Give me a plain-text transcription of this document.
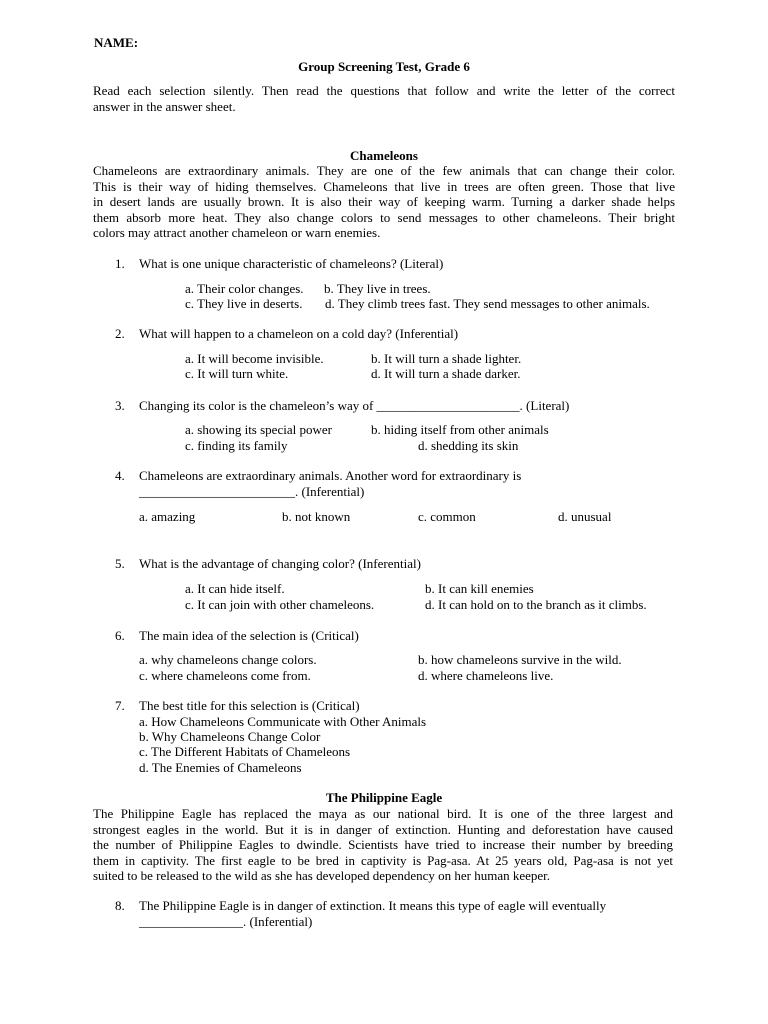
NAME:
Group Screening Test, Grade 6
Read each selection silently. Then read the questions that follow and write the letter of the correct
answer in the answer sheet.
Chameleons
Chameleons are extraordinary animals. They are one of the few animals that can change their color.
This is their way of hiding themselves. Chameleons that live in trees are often green. Those that live
in desert lands are usually brown. It is also their way of keeping warm. Turning a darker shade helps
them absorb more heat. They also change colors to send messages to other chameleons. Their bright
colors may attract another chameleon or warn enemies.
1. What is one unique characteristic of chameleons? (Literal)
a. Their color changes. b. They live in trees.
c. They live in deserts. d. They climb trees fast. They send messages to other animals.
2. What will happen to a chameleon on a cold day? (Inferential)
a. It will become invisible.	b. It will turn a shade lighter.
c. It will turn white.	d. It will turn a shade darker.
3. Changing its color is the chameleon’s way of ______________________. (Literal)
a. showing its special power	b. hiding itself from other animals
c. finding its family	d. shedding its skin
4. Chameleons are extraordinary animals. Another word for extraordinary is
________________________. (Inferential)
a. amazing	b. not known	c. common	d. unusual
5. What is the advantage of changing color? (Inferential)
a. It can hide itself.	b. It can kill enemies
c. It can join with other chameleons.	d. It can hold on to the branch as it climbs.
6. The main idea of the selection is (Critical)
a. why chameleons change colors.	b. how chameleons survive in the wild.
c. where chameleons come from.	d. where chameleons live.
7. The best title for this selection is (Critical)
a. How Chameleons Communicate with Other Animals
b. Why Chameleons Change Color
c. The Different Habitats of Chameleons
d. The Enemies of Chameleons
The Philippine Eagle
The Philippine Eagle has replaced the maya as our national bird. It is one of the three largest and
strongest eagles in the world. But it is in danger of extinction. Hunting and deforestation have caused
the number of Philippine Eagles to dwindle. Scientists have tried to increase their number by breeding
them in captivity. The first eagle to be bred in captivity is Pag-asa. At 25 years old, Pag-asa is not yet
suited to be released to the wild as she has developed dependency on her human keeper.
8. The Philippine Eagle is in danger of extinction. It means this type of eagle will eventually
________________. (Inferential)
